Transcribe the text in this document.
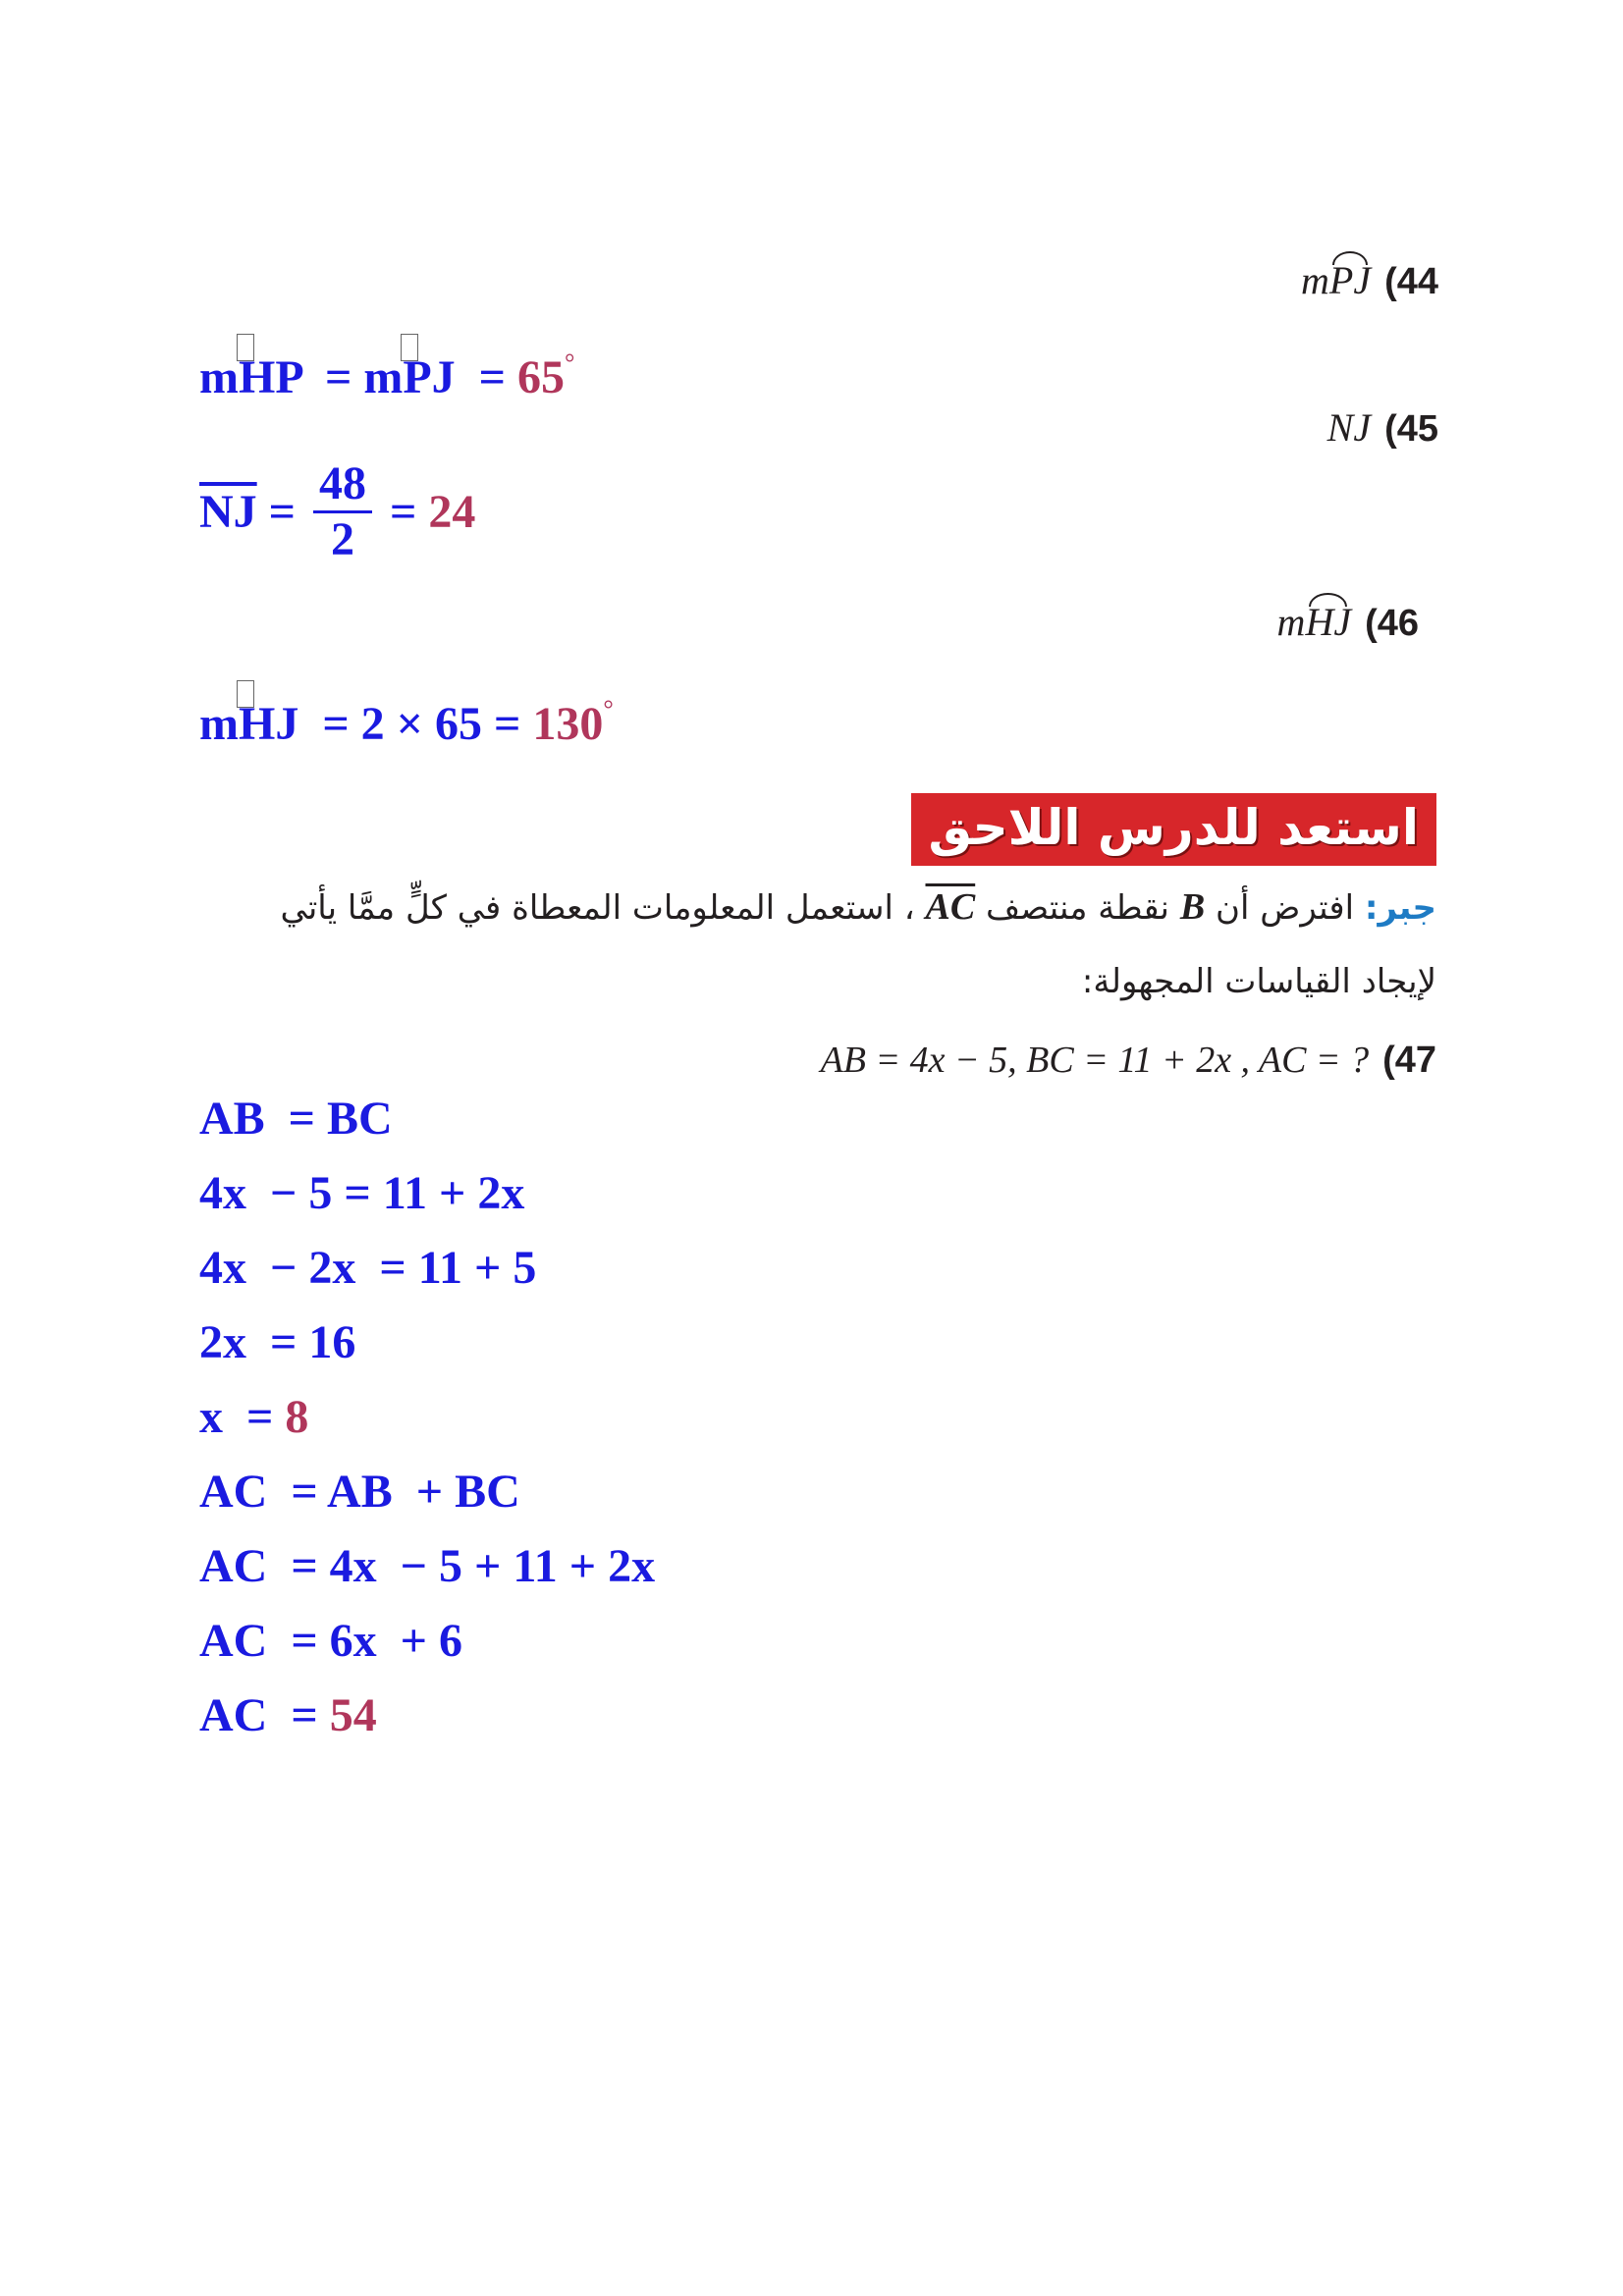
mPJ (44
mHP  = mPJ  = 65°
NJ (45
$\overline{NJ} = \frac{48}{2} = 24$
mHJ (46
mHJ  = 2 × 65 = 130°
استعد للدرس اللاحق
جبر: افترض أن B نقطة منتصف AC ، استعمل المعلومات المعطاة في كلٍّ ممَّا يأتي
لإيجاد القياسات المجهولة:
AB = 4x − 5, BC = 11 + 2x , AC = ? (47
AB  = BC
4x  − 5 = 11 + 2x
4x  − 2x  = 11 + 5
2x  = 16
x  = 8
AC  = AB  + BC
AC  = 4x  − 5 + 11 + 2x
AC  = 6x  + 6
AC  = 54
